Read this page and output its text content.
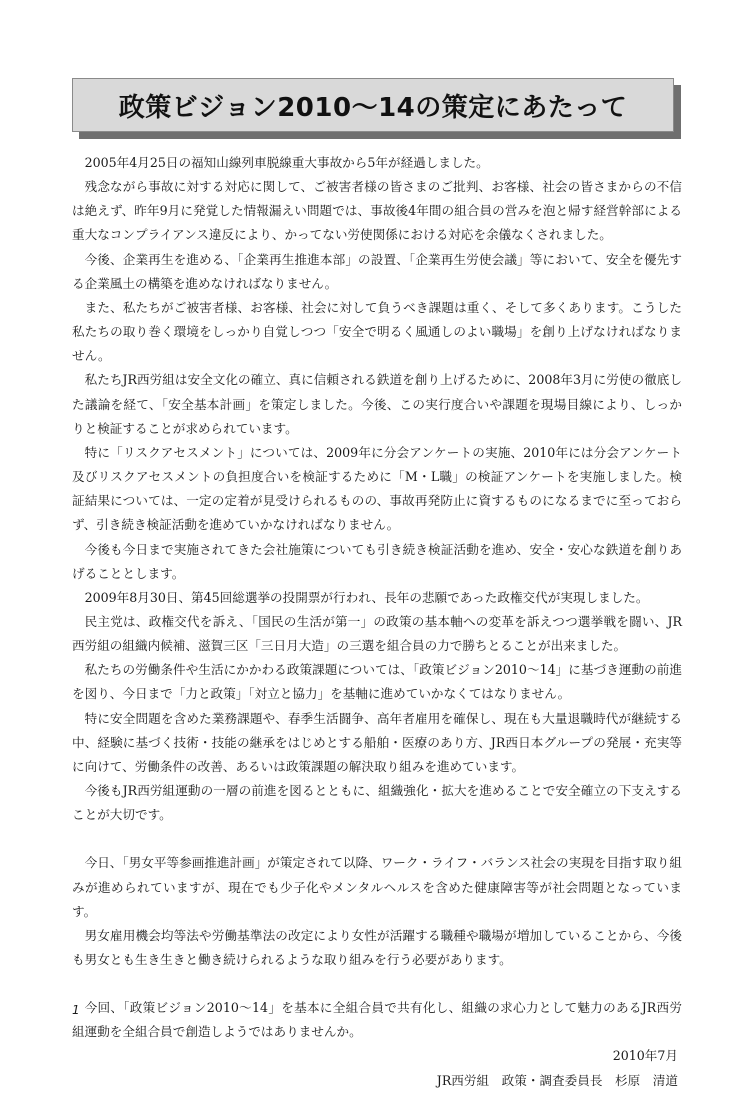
政策ビジョン2010～14の策定にあたって

2005年4月25日の福知山線列車脱線重大事故から5年が経過しました。

残念ながら事故に対する対応に関して、ご被害者様の皆さまのご批判、お客様、社会の皆さまからの不信は絶えず、昨年9月に発覚した情報漏えい問題では、事故後4年間の組合員の営みを泡と帰す経営幹部による重大なコンプライアンス違反により、かってない労使関係における対応を余儀なくされました。

今後、企業再生を進める、「企業再生推進本部」の設置、「企業再生労使会議」等において、安全を優先する企業風土の構築を進めなければなりません。

また、私たちがご被害者様、お客様、社会に対して負うべき課題は重く、そして多くあります。こうした私たちの取り巻く環境をしっかり自覚しつつ「安全で明るく風通しのよい職場」を創り上げなければなりません。

私たちJR西労組は安全文化の確立、真に信頼される鉄道を創り上げるために、2008年3月に労使の徹底した議論を経て、「安全基本計画」を策定しました。今後、この実行度合いや課題を現場目線により、しっかりと検証することが求められています。

特に「リスクアセスメント」については、2009年に分会アンケートの実施、2010年には分会アンケート及びリスクアセスメントの負担度合いを検証するために「M・L職」の検証アンケートを実施しました。検証結果については、一定の定着が見受けられるものの、事故再発防止に資するものになるまでに至っておらず、引き続き検証活動を進めていかなければなりません。

今後も今日まで実施されてきた会社施策についても引き続き検証活動を進め、安全・安心な鉄道を創りあげることとします。

2009年8月30日、第45回総選挙の投開票が行われ、長年の悲願であった政権交代が実現しました。

民主党は、政権交代を訴え、「国民の生活が第一」の政策の基本軸への変革を訴えつつ選挙戦を闘い、JR西労組の組織内候補、滋賀三区「三日月大造」の三選を組合員の力で勝ちとることが出来ました。

私たちの労働条件や生活にかかわる政策課題については、「政策ビジョン2010～14」に基づき運動の前進を図り、今日まで「力と政策」「対立と協力」を基軸に進めていかなくてはなりません。

特に安全問題を含めた業務課題や、春季生活闘争、高年者雇用を確保し、現在も大量退職時代が継続する中、経験に基づく技術・技能の継承をはじめとする船舶・医療のあり方、JR西日本グループの発展・充実等に向けて、労働条件の改善、あるいは政策課題の解決取り組みを進めています。

今後もJR西労組運動の一層の前進を図るとともに、組織強化・拡大を進めることで安全確立の下支えすることが大切です。

今日、「男女平等参画推進計画」が策定されて以降、ワーク・ライフ・バランス社会の実現を目指す取り組みが進められていますが、現在でも少子化やメンタルヘルスを含めた健康障害等が社会問題となっています。

男女雇用機会均等法や労働基準法の改定により女性が活躍する職種や職場が増加していることから、今後も男女とも生き生きと働き続けられるような取り組みを行う必要があります。

今回、「政策ビジョン2010～14」を基本に全組合員で共有化し、組織の求心力として魅力のあるJR西労組運動を全組合員で創造しようではありませんか。

2010年7月

JR西労組　政策・調査委員長　杉原　清道

1
